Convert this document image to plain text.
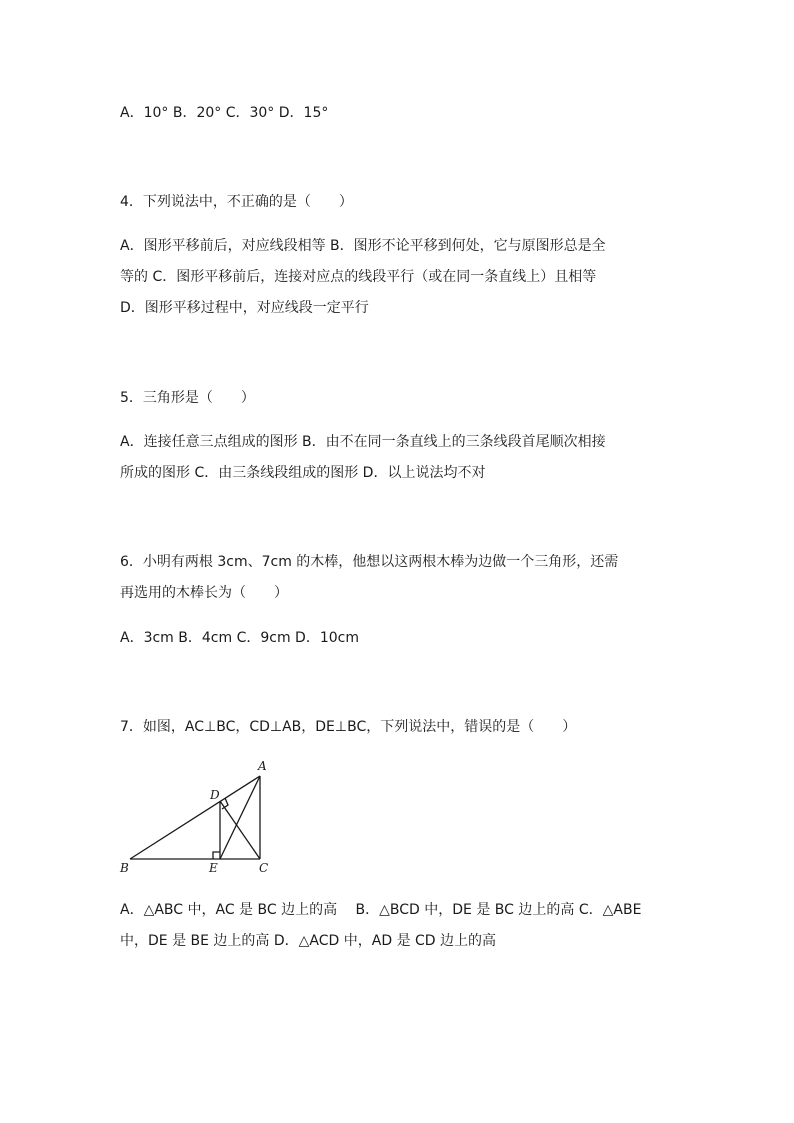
A．10° B．20° C．30° D．15°
4．下列说法中，不正确的是（　　）
A．图形平移前后，对应线段相等 B．图形不论平移到何处，它与原图形总是全
等的 C．图形平移前后，连接对应点的线段平行（或在同一条直线上）且相等
D．图形平移过程中，对应线段一定平行
5．三角形是（　　）
A．连接任意三点组成的图形 B．由不在同一条直线上的三条线段首尾顺次相接
所成的图形 C．由三条线段组成的图形 D．以上说法均不对
6．小明有两根 3cm、7cm 的木棒，他想以这两根木棒为边做一个三角形，还需
再选用的木棒长为（　　）
A．3cm B．4cm C．9cm D．10cm
7．如图，AC⊥BC，CD⊥AB，DE⊥BC，下列说法中，错误的是（　　）
A
D
B	E	C
A．△ABC 中，AC 是 BC 边上的高　 B．△BCD 中，DE 是 BC 边上的高 C．△ABE
中，DE 是 BE 边上的高 D．△ACD 中，AD 是 CD 边上的高
